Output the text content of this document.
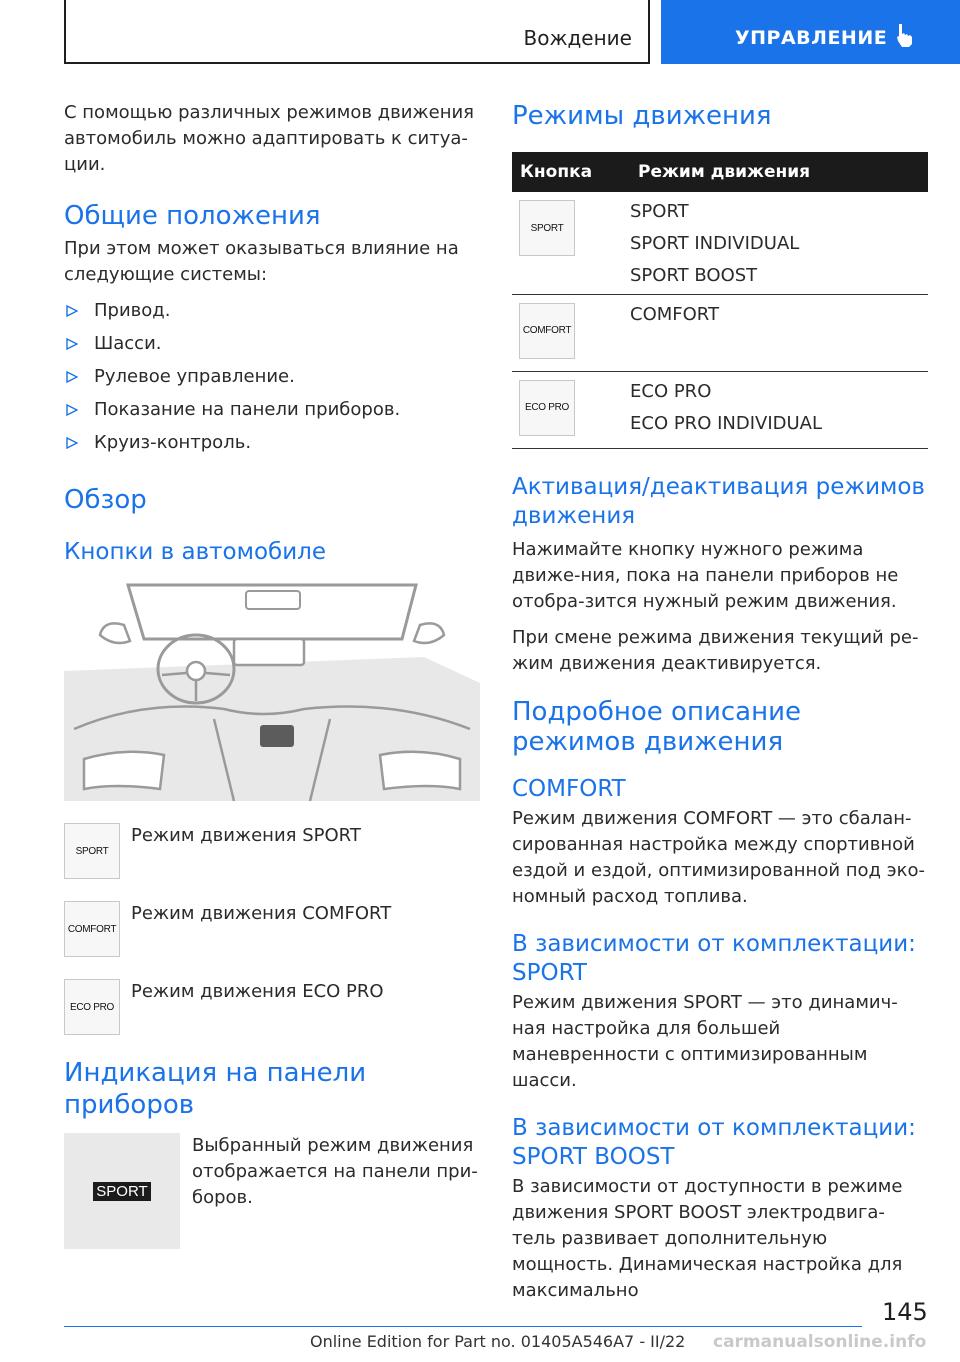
Вождение	УПРАВЛЕНИЕ

С помощью различных режимов движения автомобиль можно адаптировать к ситуа-ции.

Общие положения

При этом может оказываться влияние на следующие системы:

Привод.
Шасси.
Рулевое управление.
Показание на панели приборов.
Круиз-контроль.
Обзор
Кнопки в автомобиле
SPORT
Режим движения SPORT
COMFORT
Режим движения COMFORT
ECO PRO
Режим движения ECO PRO
Индикация на панели приборов
SPORT

Выбранный режим движения отображается на панели при-боров.

Режимы движения
Кнопка	Режим движения

SPORT	SPORT
SPORT INDIVIDUAL
SPORT BOOST

COMFORT	COMFORT

ECO PRO	ECO PRO
ECO PRO INDIVIDUAL
Активация/деактивация режимов движения

Нажимайте кнопку нужного режима движе-ния, пока на панели приборов не отобра-зится нужный режим движения.

При смене режима движения текущий ре-жим движения деактивируется.

Подробное описание режимов движения
COMFORT

Режим движения COMFORT — это сбалан-сированная настройка между спортивной ездой и ездой, оптимизированной под эко-номный расход топлива.

В зависимости от комплектации: SPORT

Режим движения SPORT — это динамич-ная настройка для большей маневренности с оптимизированным шасси.

В зависимости от комплектации: SPORT BOOST

В зависимости от доступности в режиме движения SPORT BOOST электродвига-тель развивает дополнительную мощность. Динамическая настройка для максимально

145
Online Edition for Part no. 01405A546A7 - II/22 carmanualsonline.info
